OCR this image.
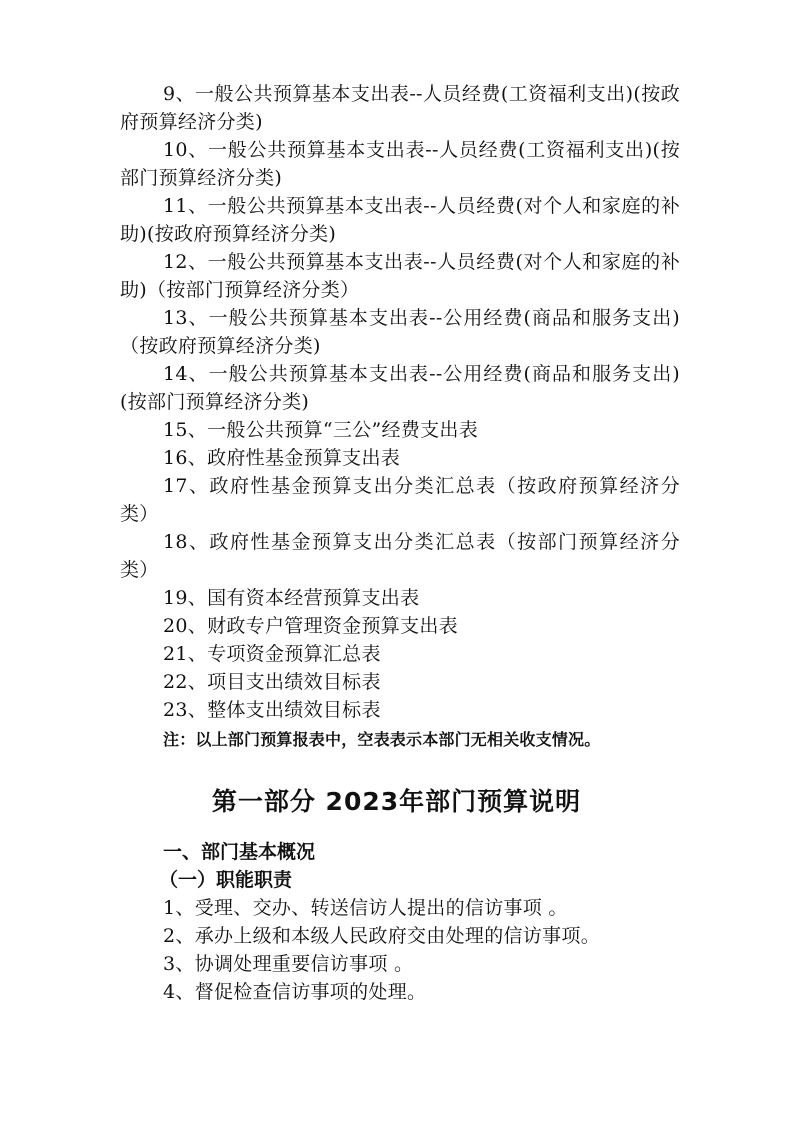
9、一般公共预算基本支出表--人员经费(工资福利支出)(按政府预算经济分类)

10、一般公共预算基本支出表--人员经费(工资福利支出)(按部门预算经济分类)

11、一般公共预算基本支出表--人员经费(对个人和家庭的补助)(按政府预算经济分类)

12、一般公共预算基本支出表--人员经费(对个人和家庭的补助)（按部门预算经济分类）

13、一般公共预算基本支出表--公用经费(商品和服务支出)（按政府预算经济分类)

14、一般公共预算基本支出表--公用经费(商品和服务支出)(按部门预算经济分类)

15、一般公共预算“三公”经费支出表

16、政府性基金预算支出表

17、政府性基金预算支出分类汇总表（按政府预算经济分类）

18、政府性基金预算支出分类汇总表（按部门预算经济分类）

19、国有资本经营预算支出表

20、财政专户管理资金预算支出表

21、专项资金预算汇总表

22、项目支出绩效目标表

23、整体支出绩效目标表

注：以上部门预算报表中，空表表示本部门无相关收支情况。

第一部分 2023年部门预算说明

一、部门基本概况

（一）职能职责

1、受理、交办、转送信访人提出的信访事项 。

2、承办上级和本级人民政府交由处理的信访事项。

3、协调处理重要信访事项 。

4、督促检查信访事项的处理。
